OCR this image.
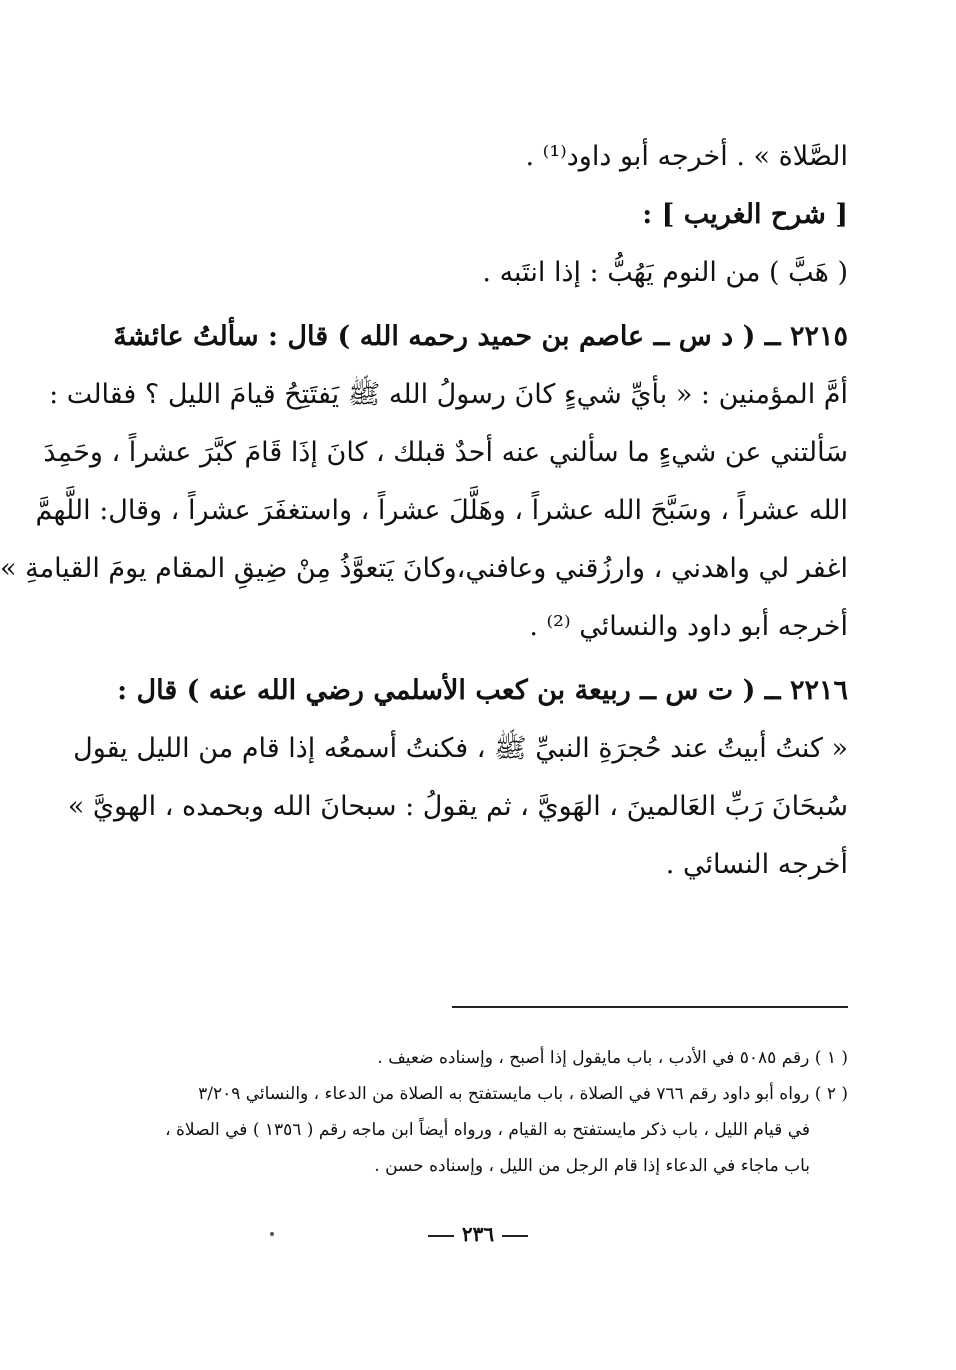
الصَّلاة » . أخرجه أبو داود⁽¹⁾ .
[ شرح الغريب ] :
( هَبَّ ) من النوم يَهُبُّ : إذا انتَبه .
٢٢١٥ ــ ( د س ــ عاصم بن حميد رحمه الله ) قال : سألتُ عائشةَ
أمَّ المؤمنين : « بأيِّ شيءٍ كانَ رسولُ الله ﷺ يَفتَتِحُ قيامَ الليل ؟ فقالت :
سَألتني عن شيءٍ ما سألني عنه أحدٌ قبلك ، كانَ إذَا قَامَ كبَّرَ عشراً ، وحَمِدَ
الله عشراً ، وسَبَّحَ الله عشراً ، وهَلَّلَ عشراً ، واستغفَرَ عشراً ، وقال: اللَّهمَّ
اغفر لي واهدني ، وارزُقني وعافني،وكانَ يَتعوَّذُ مِنْ ضِيقِ المقام يومَ القيامةِ »
أخرجه أبو داود والنسائي ⁽²⁾ .
٢٢١٦ ــ ( ت س ــ ربيعة بن كعب الأسلمي رضي الله عنه ) قال :
« كنتُ أبيتُ عند حُجرَةِ النبيِّ ﷺ ، فكنتُ أسمعُه إذا قام من الليل يقول
سُبحَانَ رَبِّ العَالمينَ ، الهَويَّ ، ثم يقولُ : سبحانَ الله وبحمده ، الهويَّ »
أخرجه النسائي .
( ١ ) رقم ٥٠٨٥ في الأدب ، باب مايقول إذا أصبح ، وإسناده ضعيف .
( ٢ ) رواه أبو داود رقم ٧٦٦ في الصلاة ، باب مايستفتح به الصلاة من الدعاء ، والنسائي ٣/٢٠٩
في قيام الليل ، باب ذكر مايستفتح به القيام ، ورواه أيضاً ابن ماجه رقم ( ١٣٥٦ ) في الصلاة ،
باب ماجاء في الدعاء إذا قام الرجل من الليل ، وإسناده حسن .
٢٣٦
